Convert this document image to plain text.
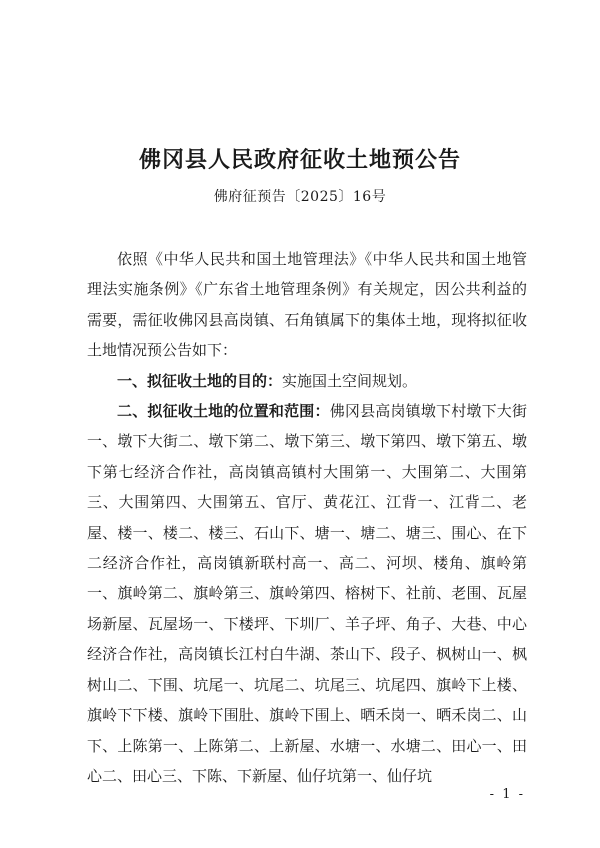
佛冈县人民政府征收土地预公告
佛府征预告〔2025〕16号

依照《中华人民共和国土地管理法》《中华人民共和国土地管理法实施条例》《广东省土地管理条例》有关规定，因公共利益的需要，需征收佛冈县高岗镇、石角镇属下的集体土地，现将拟征收土地情况预公告如下：

一、拟征收土地的目的：实施国土空间规划。

二、拟征收土地的位置和范围：佛冈县高岗镇墩下村墩下大街一、墩下大街二、墩下第二、墩下第三、墩下第四、墩下第五、墩下第七经济合作社，高岗镇高镇村大围第一、大围第二、大围第三、大围第四、大围第五、官厅、黄花江、江背一、江背二、老屋、楼一、楼二、楼三、石山下、塘一、塘二、塘三、围心、在下二经济合作社，高岗镇新联村高一、高二、河坝、楼角、旗岭第一、旗岭第二、旗岭第三、旗岭第四、榕树下、社前、老围、瓦屋场新屋、瓦屋场一、下楼坪、下圳厂、羊子坪、角子、大巷、中心经济合作社，高岗镇长江村白牛湖、茶山下、段子、枫树山一、枫树山二、下围、坑尾一、坑尾二、坑尾三、坑尾四、旗岭下上楼、旗岭下下楼、旗岭下围肚、旗岭下围上、晒禾岗一、晒禾岗二、山下、上陈第一、上陈第二、上新屋、水塘一、水塘二、田心一、田心二、田心三、下陈、下新屋、仙仔坑第一、仙仔坑

- 1 -
